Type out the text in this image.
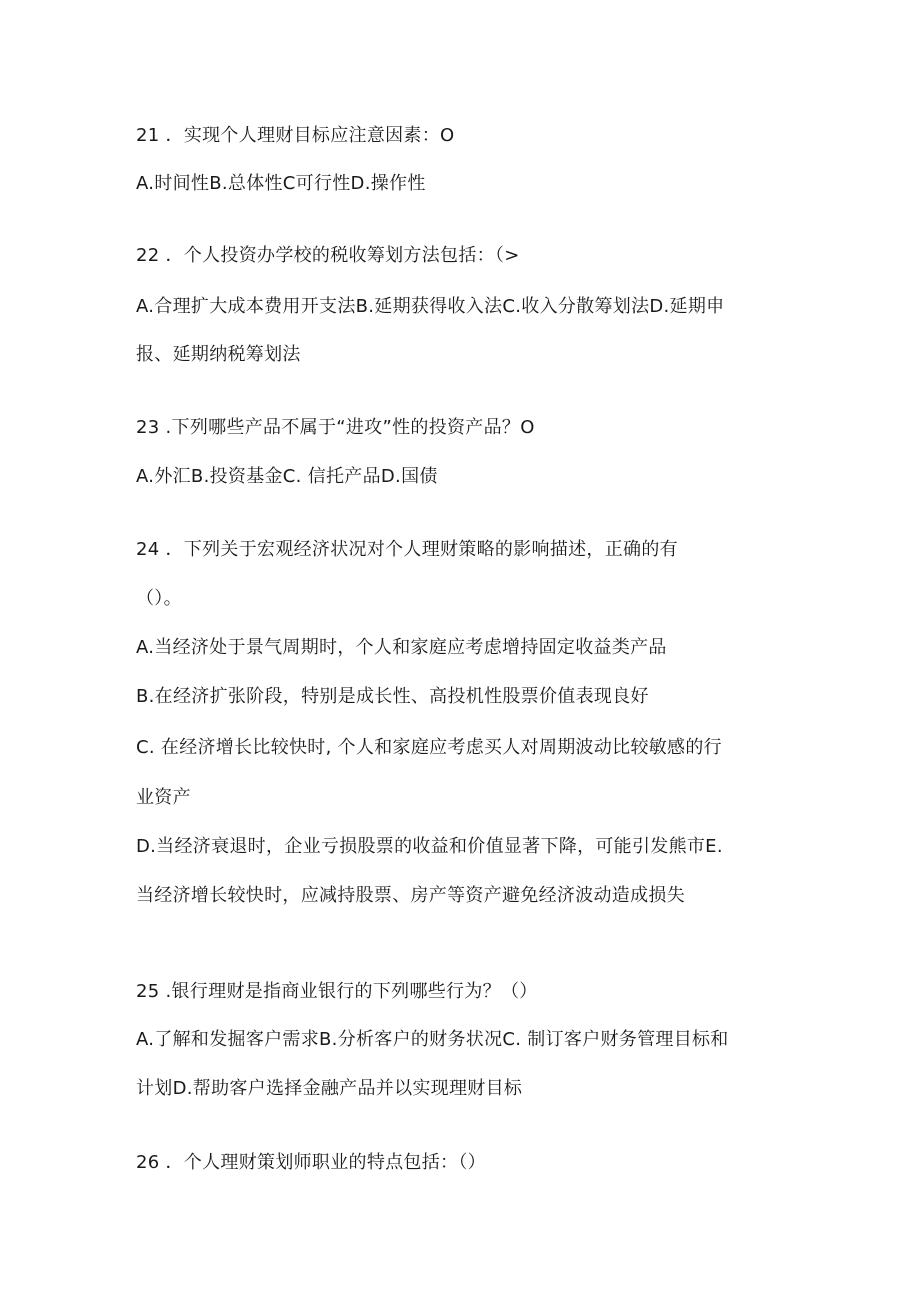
21 ．实现个人理财目标应注意因素：O
A.时间性B.总体性C可行性D.操作性
22 ．个人投资办学校的税收筹划方法包括：（>
A.合理扩大成本费用开支法B.延期获得收入法C.收入分散筹划法D.延期申
报、延期纳税筹划法
23 .下列哪些产品不属于“进攻”性的投资产品？O
A.外汇B.投资基金C. 信托产品D.国债
24 ．下列关于宏观经济状况对个人理财策略的影响描述，正确的有
（）。
A.当经济处于景气周期时，个人和家庭应考虑增持固定收益类产品
B.在经济扩张阶段，特别是成长性、高投机性股票价值表现良好
C. 在经济增长比较快时, 个人和家庭应考虑买人对周期波动比较敏感的行
业资产
D.当经济衰退时，企业亏损股票的收益和价值显著下降，可能引发熊市E.
当经济增长较快时，应减持股票、房产等资产避免经济波动造成损失
25 .银行理财是指商业银行的下列哪些行为？（）
A.了解和发掘客户需求B.分析客户的财务状况C. 制订客户财务管理目标和
计划D.帮助客户选择金融产品并以实现理财目标
26 ．个人理财策划师职业的特点包括：（）
